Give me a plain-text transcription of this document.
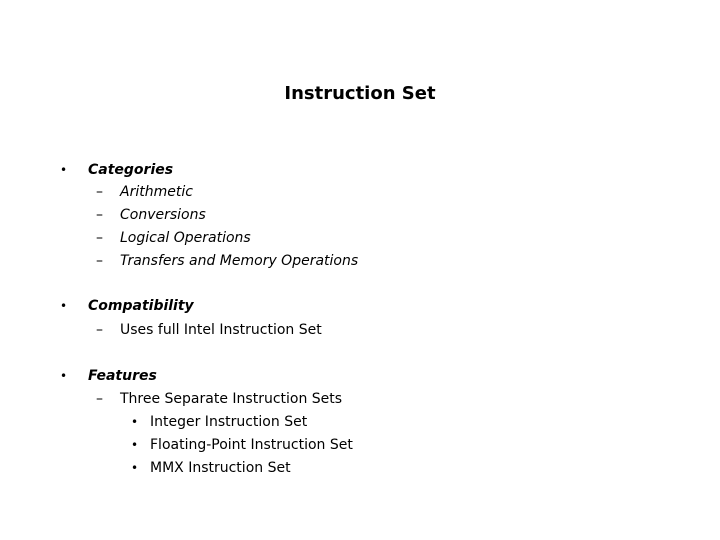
Instruction Set
• Categories
– Arithmetic
– Conversions
– Logical Operations
– Transfers and Memory Operations
• Compatibility
– Uses full Intel Instruction Set
• Features
– Three Separate Instruction Sets
• Integer Instruction Set
• Floating-Point Instruction Set
• MMX Instruction Set
